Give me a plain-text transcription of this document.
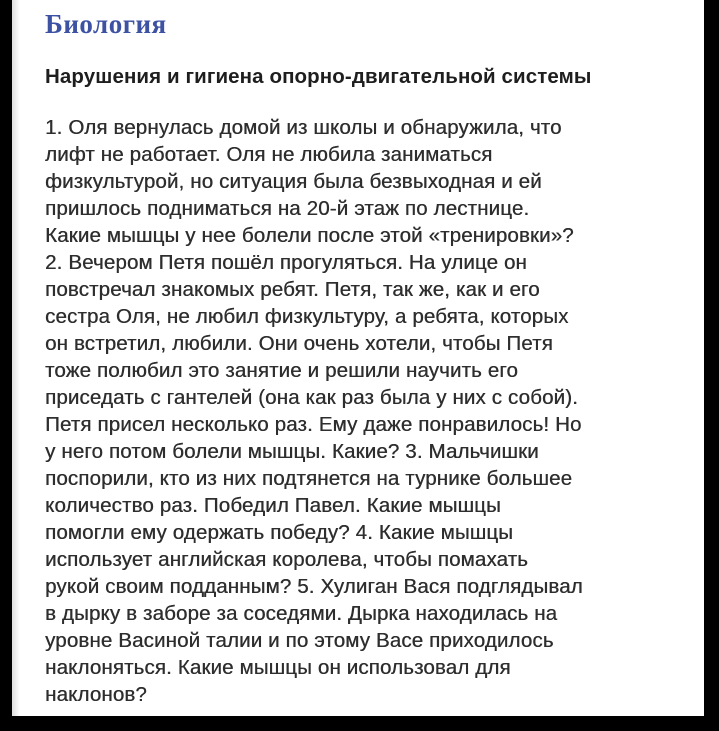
Биология
Нарушения и гигиена опорно-двигательной системы
1. Оля вернулась домой из школы и обнаружила, что
лифт не работает. Оля не любила заниматься
физкультурой, но ситуация была безвыходная и ей
пришлось подниматься на 20-й этаж по лестнице.
Какие мышцы у нее болели после этой «тренировки»?
2. Вечером Петя пошёл прогуляться. На улице он
повстречал знакомых ребят. Петя, так же, как и его
сестра Оля, не любил физкультуру, а ребята, которых
он встретил, любили. Они очень хотели, чтобы Петя
тоже полюбил это занятие и решили научить его
приседать с гантелей (она как раз была у них с собой).
Петя присел несколько раз. Ему даже понравилось! Но
у него потом болели мышцы. Какие? 3. Мальчишки
поспорили, кто из них подтянется на турнике большее
количество раз. Победил Павел. Какие мышцы
помогли ему одержать победу? 4. Какие мышцы
использует английская королева, чтобы помахать
рукой своим подданным? 5. Хулиган Вася подглядывал
в дырку в заборе за соседями. Дырка находилась на
уровне Васиной талии и по этому Васе приходилось
наклоняться. Какие мышцы он использовал для
наклонов?
